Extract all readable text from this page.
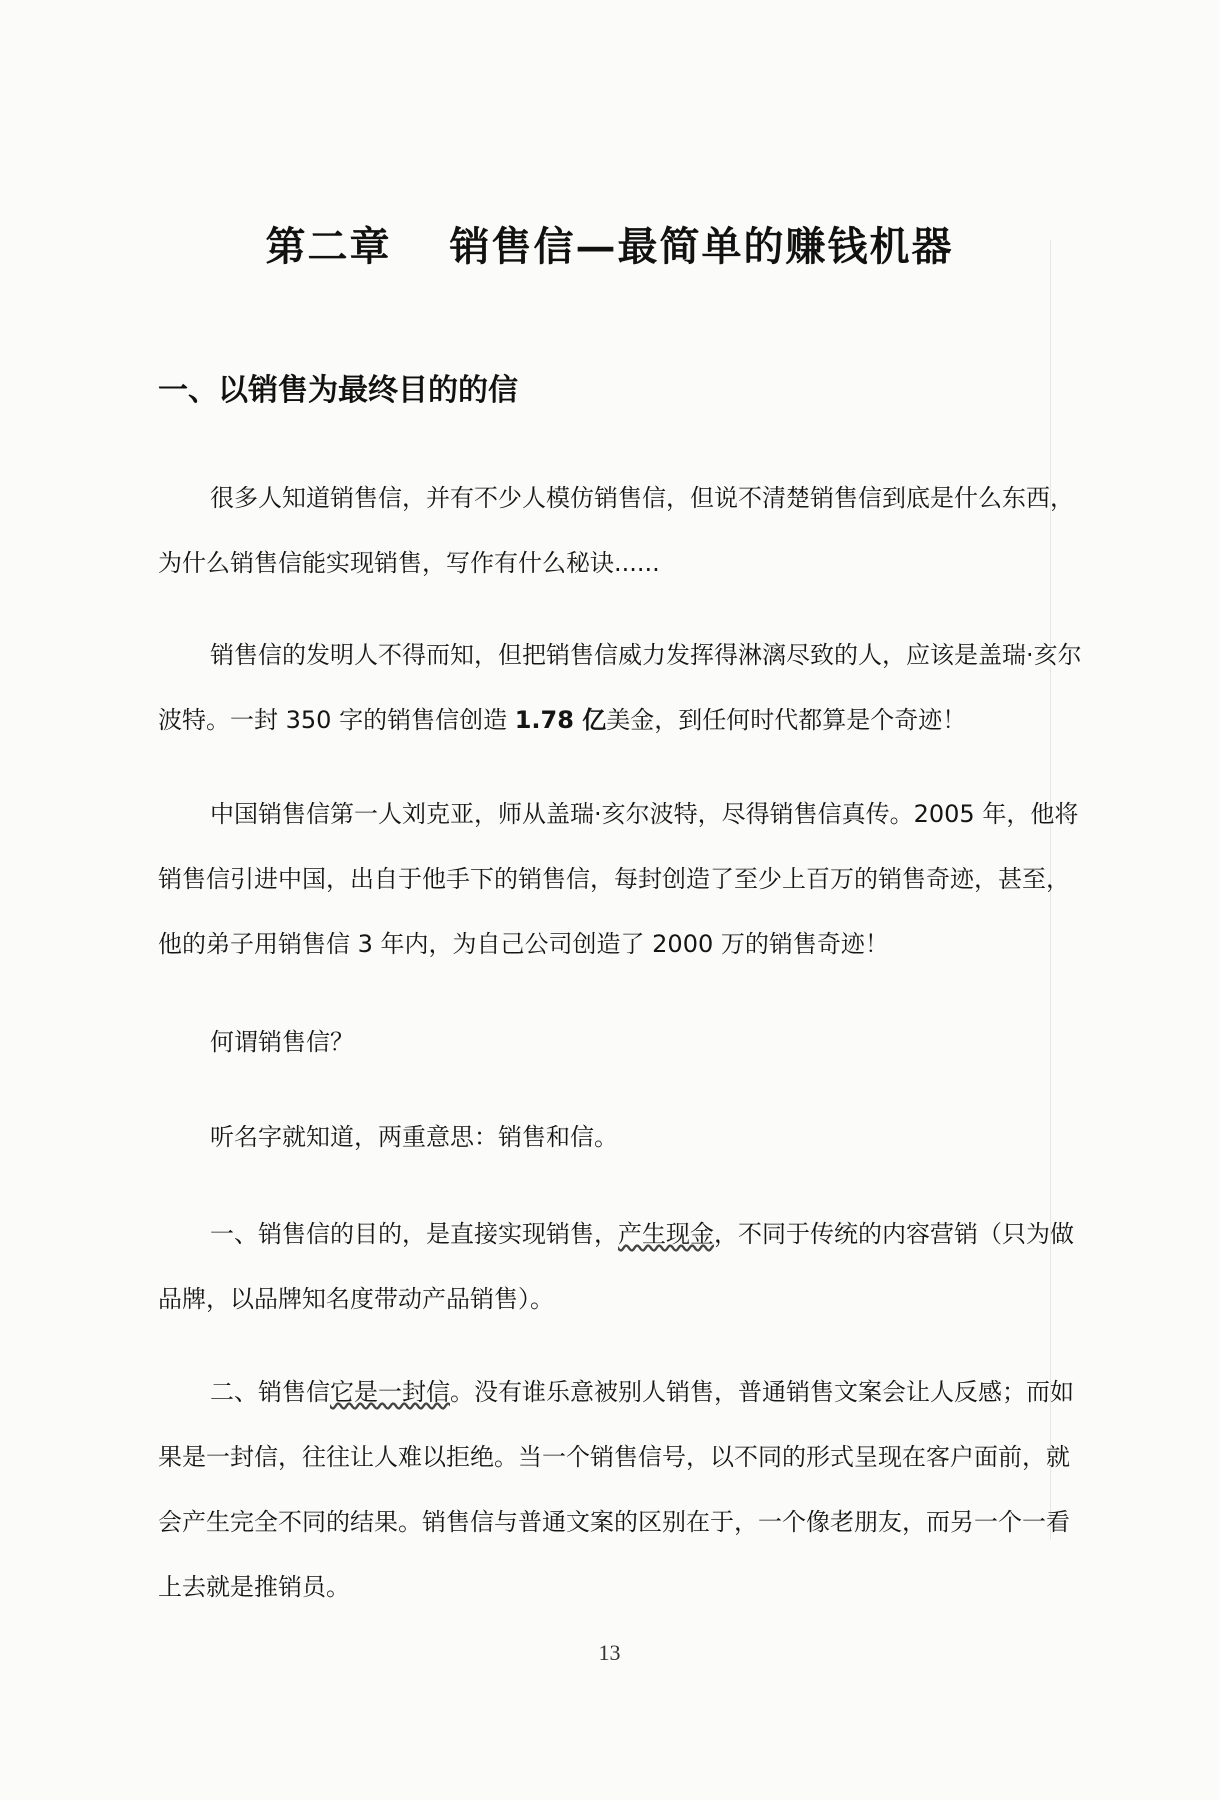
第二章　 销售信—最简单的赚钱机器
一、以销售为最终目的的信

很多人知道销售信，并有不少人模仿销售信，但说不清楚销售信到底是什么东西，为什么销售信能实现销售，写作有什么秘诀......

销售信的发明人不得而知，但把销售信威力发挥得淋漓尽致的人，应该是盖瑞·亥尔波特。一封 350 字的销售信创造 1.78 亿美金，到任何时代都算是个奇迹！

中国销售信第一人刘克亚，师从盖瑞·亥尔波特，尽得销售信真传。2005 年，他将销售信引进中国，出自于他手下的销售信，每封创造了至少上百万的销售奇迹，甚至，他的弟子用销售信 3 年内，为自己公司创造了 2000 万的销售奇迹！

何谓销售信？

听名字就知道，两重意思：销售和信。

一、销售信的目的，是直接实现销售，产生现金，不同于传统的内容营销（只为做品牌，以品牌知名度带动产品销售）。

二、销售信它是一封信。没有谁乐意被别人销售，普通销售文案会让人反感；而如果是一封信，往往让人难以拒绝。当一个销售信号，以不同的形式呈现在客户面前，就会产生完全不同的结果。销售信与普通文案的区别在于，一个像老朋友，而另一个一看上去就是推销员。

13
